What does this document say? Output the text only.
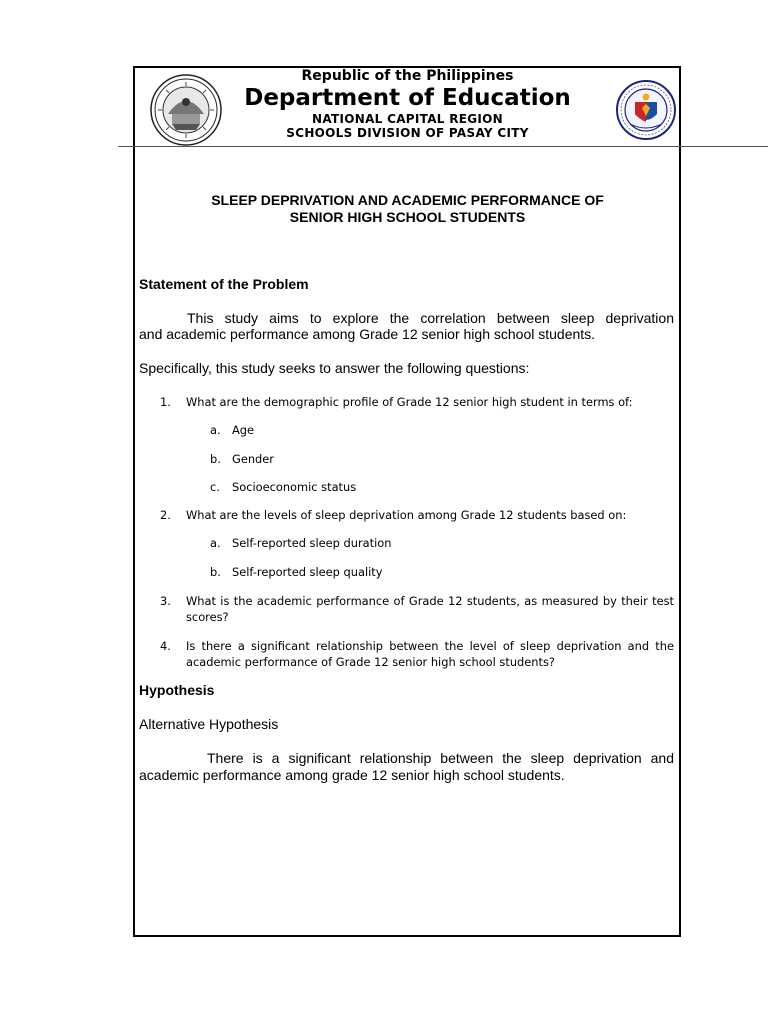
Republic of the Philippines
Department of Education
NATIONAL CAPITAL REGION
SCHOOLS DIVISION OF PASAY CITY
SLEEP DEPRIVATION AND ACADEMIC PERFORMANCE OF
SENIOR HIGH SCHOOL STUDENTS
Statement of the Problem
This study aims to explore the correlation between sleep deprivation
and academic performance among Grade 12 senior high school students.
Specifically, this study seeks to answer the following questions:
1.	What are the demographic profile of Grade 12 senior high student in terms of:
a. Age
b. Gender
c. Socioeconomic status
2.	What are the levels of sleep deprivation among Grade 12 students based on:
a. Self-reported sleep duration
b. Self-reported sleep quality
3.	What is the academic performance of Grade 12 students, as measured by their test scores?
4.	Is there a significant relationship between the level of sleep deprivation and the academic performance of Grade 12 senior high school students?
Hypothesis
Alternative Hypothesis
There is a significant relationship between the sleep deprivation and
academic performance among grade 12 senior high school students.
